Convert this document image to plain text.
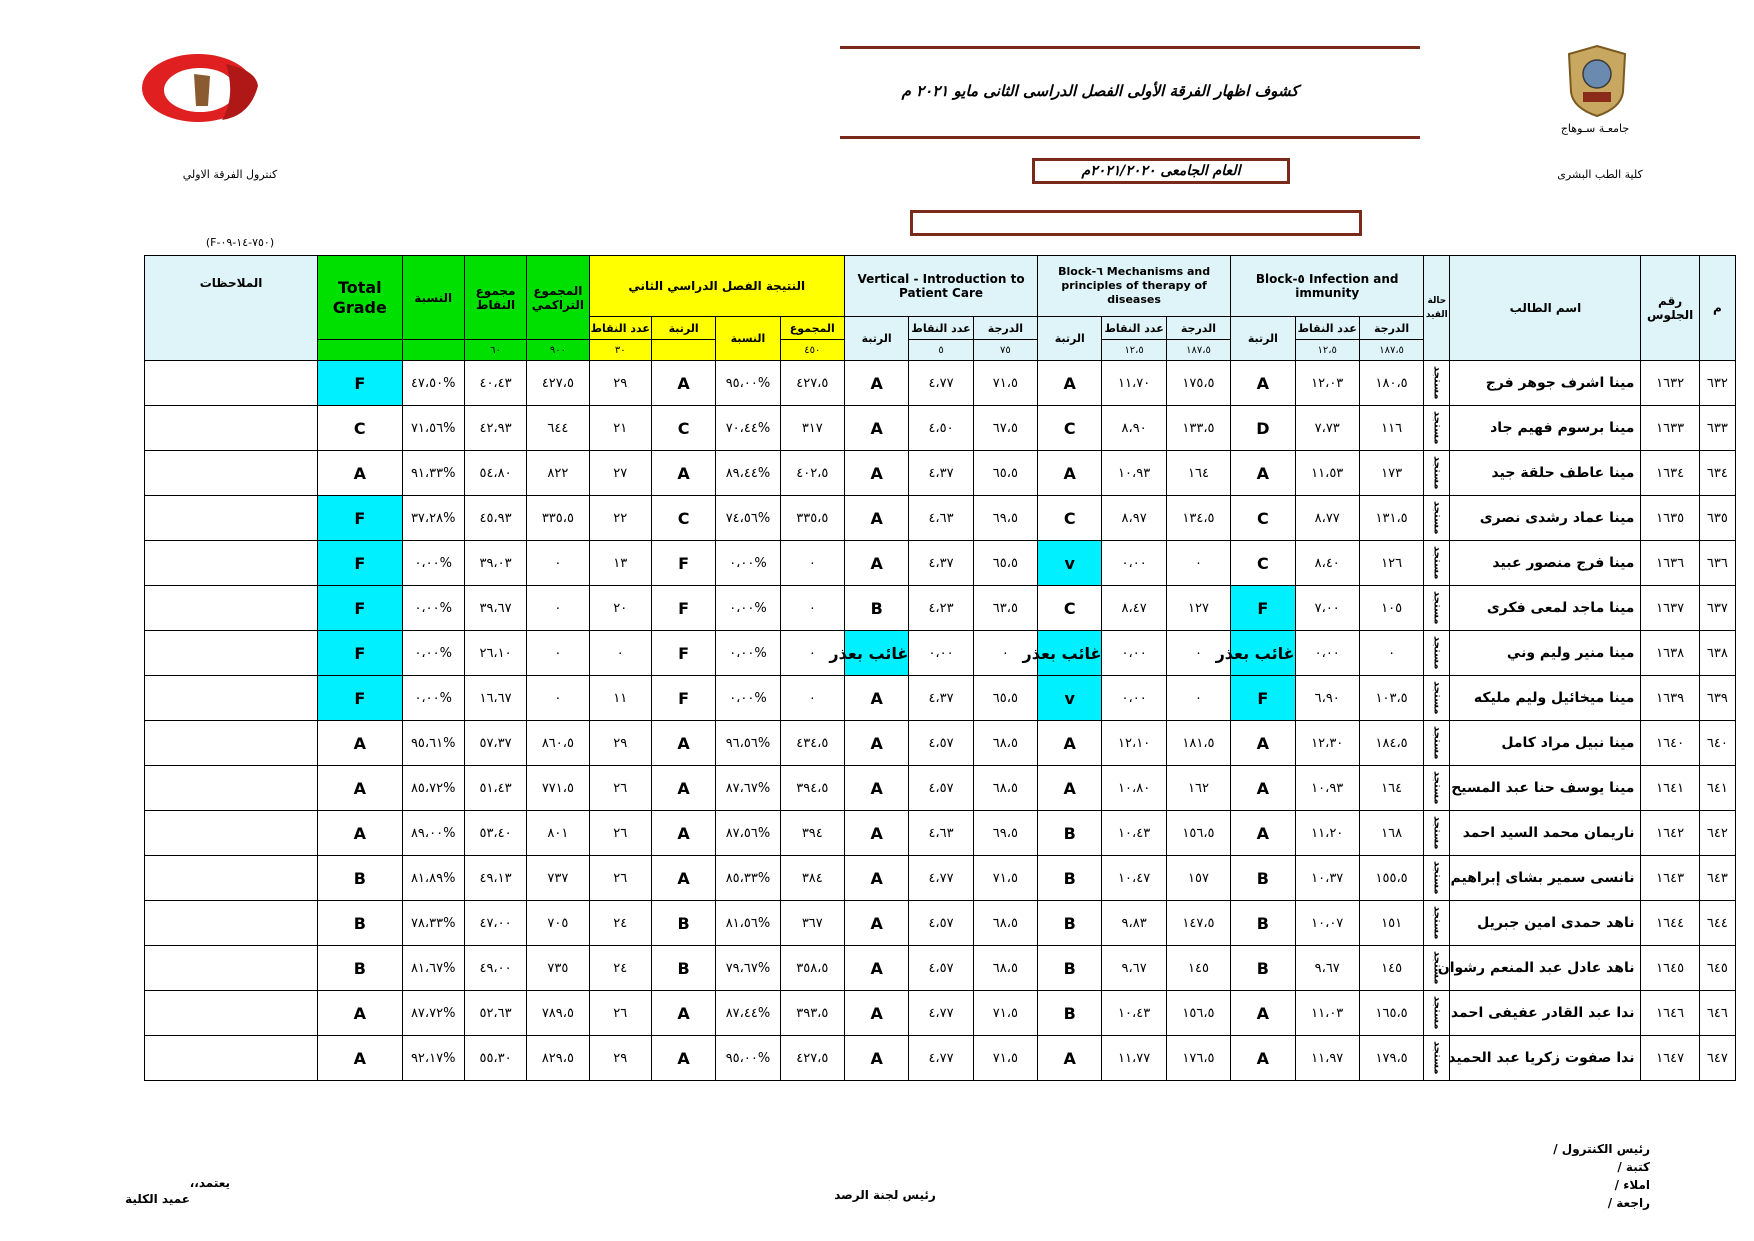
جامعـة سـوهاج
كلية الطب البشرى
كنترول الفرقة الاولي
(F-٧٥٠-١٤-٠٩)
كشوف اظهار الفرقة الأولى الفصل الدراسى الثانى مايو ٢٠٢١ م
العام الجامعى ٢٠٢١/٢٠٢٠م
م	رقم الجلوس	اسم الطالب	حالة القيد	Block-٥ Infection and immunity			Block-٦ Mechanisms and principles of therapy of diseases			Vertical - Introduction to Patient Care			النتيجة الفصل الدراسي الثاني				المجموع التراكمي	مجموع النقاط	النسبة	Total Grade	الملاحظات
				الدرجة	عدد النقاط	الرتبة	الدرجة	عدد النقاط	الرتبة	الدرجة	عدد النقاط	الرتبة	المجموع	النسبة	الرتبة	عدد النقاط					
				١٨٧،٥	١٢،٥		١٨٧،٥	١٢،٥		٧٥	٥		٤٥٠			٣٠	٩٠٠	٦٠			
٦٣٢	١٦٣٢	مينا اشرف جوهر فرج	مستجد	١٨٠،٥	١٢،٠٣	A	١٧٥،٥	١١،٧٠	A	٧١،٥	٤،٧٧	A	٤٢٧،٥	%٩٥،٠٠	A	٢٩	٤٢٧،٥	٤٠،٤٣	%٤٧،٥٠	F	
٦٣٣	١٦٣٣	مينا برسوم فهيم جاد	مستجد	١١٦	٧،٧٣	D	١٣٣،٥	٨،٩٠	C	٦٧،٥	٤،٥٠	A	٣١٧	%٧٠،٤٤	C	٢١	٦٤٤	٤٢،٩٣	%٧١،٥٦	C	
٦٣٤	١٦٣٤	مينا عاطف حلقة جيد	مستجد	١٧٣	١١،٥٣	A	١٦٤	١٠،٩٣	A	٦٥،٥	٤،٣٧	A	٤٠٢،٥	%٨٩،٤٤	A	٢٧	٨٢٢	٥٤،٨٠	%٩١،٣٣	A	
٦٣٥	١٦٣٥	مينا عماد رشدى نصرى	مستجد	١٣١،٥	٨،٧٧	C	١٣٤،٥	٨،٩٧	C	٦٩،٥	٤،٦٣	A	٣٣٥،٥	%٧٤،٥٦	C	٢٢	٣٣٥،٥	٤٥،٩٣	%٣٧،٢٨	F	
٦٣٦	١٦٣٦	مينا فرج منصور عبيد	مستجد	١٢٦	٨،٤٠	C	٠	٠،٠٠	v	٦٥،٥	٤،٣٧	A	٠	%٠،٠٠	F	١٣	٠	٣٩،٠٣	%٠،٠٠	F	
٦٣٧	١٦٣٧	مينا ماجد لمعى فكرى	مستجد	١٠٥	٧،٠٠	F	١٢٧	٨،٤٧	C	٦٣،٥	٤،٢٣	B	٠	%٠،٠٠	F	٢٠	٠	٣٩،٦٧	%٠،٠٠	F	
٦٣٨	١٦٣٨	مينا منير وليم وني	مستجد	٠	٠،٠٠	غائب بعذر	٠	٠،٠٠	غائب بعذر	٠	٠،٠٠	غائب بعذر	٠	%٠،٠٠	F	٠	٠	٢٦،١٠	%٠،٠٠	F	
٦٣٩	١٦٣٩	مينا ميخائيل وليم مليكه	مستجد	١٠٣،٥	٦،٩٠	F	٠	٠،٠٠	v	٦٥،٥	٤،٣٧	A	٠	%٠،٠٠	F	١١	٠	١٦،٦٧	%٠،٠٠	F	
٦٤٠	١٦٤٠	مينا نبيل مراد كامل	مستجد	١٨٤،٥	١٢،٣٠	A	١٨١،٥	١٢،١٠	A	٦٨،٥	٤،٥٧	A	٤٣٤،٥	%٩٦،٥٦	A	٢٩	٨٦٠،٥	٥٧،٣٧	%٩٥،٦١	A	
٦٤١	١٦٤١	مينا يوسف حنا عبد المسيح	مستجد	١٦٤	١٠،٩٣	A	١٦٢	١٠،٨٠	A	٦٨،٥	٤،٥٧	A	٣٩٤،٥	%٨٧،٦٧	A	٢٦	٧٧١،٥	٥١،٤٣	%٨٥،٧٢	A	
٦٤٢	١٦٤٢	ناريمان محمد السيد احمد	مستجد	١٦٨	١١،٢٠	A	١٥٦،٥	١٠،٤٣	B	٦٩،٥	٤،٦٣	A	٣٩٤	%٨٧،٥٦	A	٢٦	٨٠١	٥٣،٤٠	%٨٩،٠٠	A	
٦٤٣	١٦٤٣	نانسى سمير بشاى إبراهيم	مستجد	١٥٥،٥	١٠،٣٧	B	١٥٧	١٠،٤٧	B	٧١،٥	٤،٧٧	A	٣٨٤	%٨٥،٣٣	A	٢٦	٧٣٧	٤٩،١٣	%٨١،٨٩	B	
٦٤٤	١٦٤٤	ناهد حمدى امين جبريل	مستجد	١٥١	١٠،٠٧	B	١٤٧،٥	٩،٨٣	B	٦٨،٥	٤،٥٧	A	٣٦٧	%٨١،٥٦	B	٢٤	٧٠٥	٤٧،٠٠	%٧٨،٣٣	B	
٦٤٥	١٦٤٥	ناهد عادل عبد المنعم رشوان	مستجد	١٤٥	٩،٦٧	B	١٤٥	٩،٦٧	B	٦٨،٥	٤،٥٧	A	٣٥٨،٥	%٧٩،٦٧	B	٢٤	٧٣٥	٤٩،٠٠	%٨١،٦٧	B	
٦٤٦	١٦٤٦	ندا عبد القادر عفيفى احمد	مستجد	١٦٥،٥	١١،٠٣	A	١٥٦،٥	١٠،٤٣	B	٧١،٥	٤،٧٧	A	٣٩٣،٥	%٨٧،٤٤	A	٢٦	٧٨٩،٥	٥٢،٦٣	%٨٧،٧٢	A	
٦٤٧	١٦٤٧	ندا صفوت زكريا عبد الحميد	مستجد	١٧٩،٥	١١،٩٧	A	١٧٦،٥	١١،٧٧	A	٧١،٥	٤،٧٧	A	٤٢٧،٥	%٩٥،٠٠	A	٢٩	٨٢٩،٥	٥٥،٣٠	%٩٢،١٧	A	
رئيس الكنترول /
كتبة /
املاء /
راجعة /
رئيس لجنة الرصد
يعتمد،،
عميد الكلية
